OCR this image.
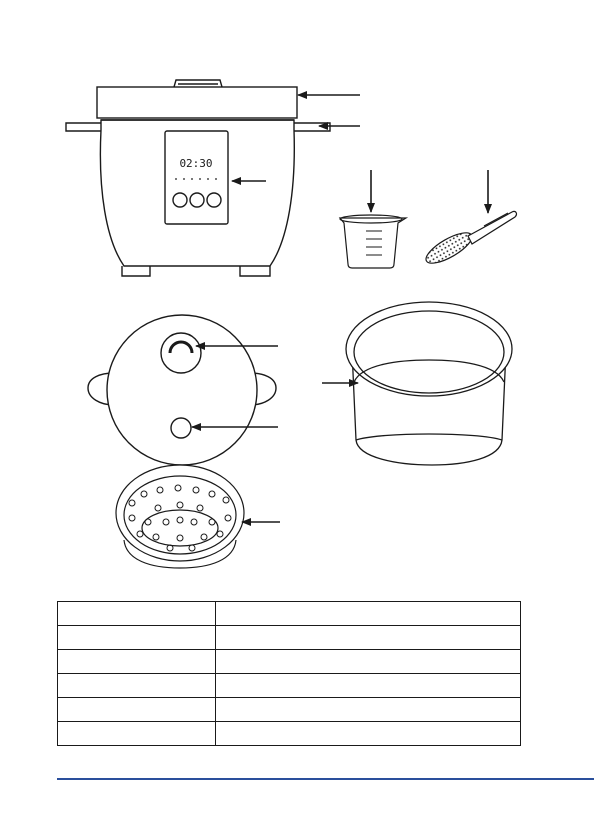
02:30
